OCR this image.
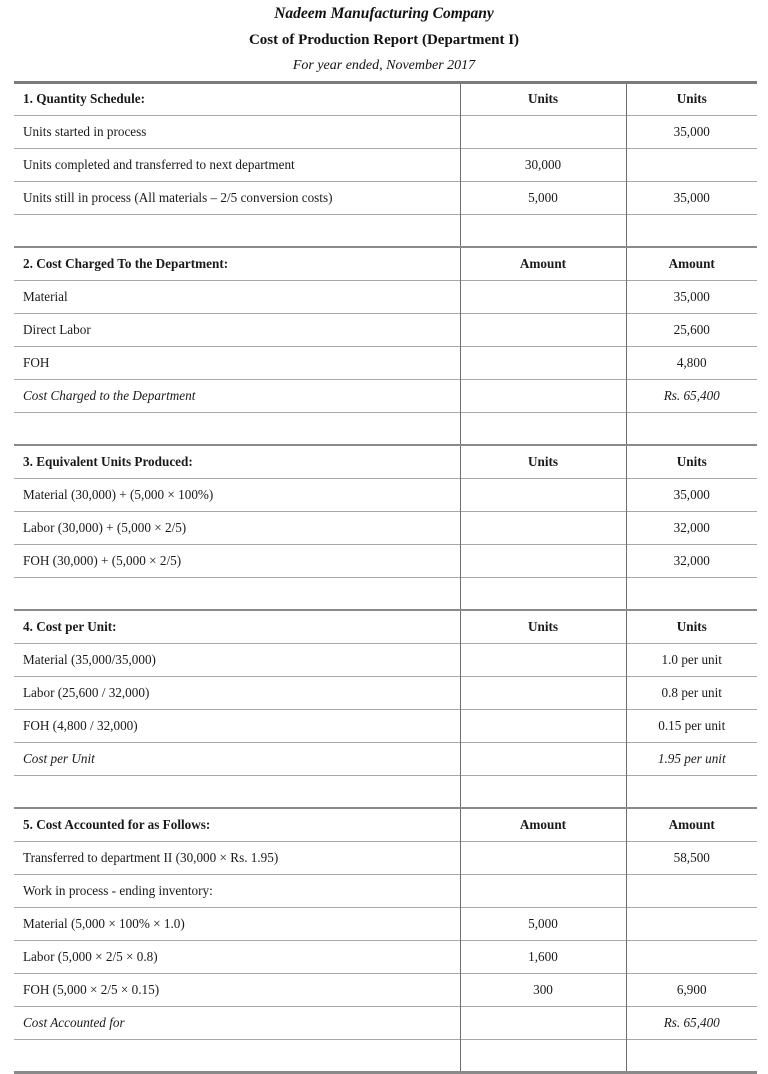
Nadeem Manufacturing Company
Cost of Production Report (Department I)
For year ended, November 2017
1. Quantity Schedule:	Units	Units
Units started in process		35,000
Units completed and transferred to next department	30,000	
Units still in process (All materials – 2/5 conversion costs)	5,000	35,000

2. Cost Charged To the Department:	Amount	Amount
Material		35,000
Direct Labor		25,600
FOH		4,800
Cost Charged to the Department		Rs. 65,400

3. Equivalent Units Produced:	Units	Units
Material (30,000) + (5,000 × 100%)		35,000
Labor (30,000) + (5,000 × 2/5)		32,000
FOH (30,000) + (5,000 × 2/5)		32,000

4. Cost per Unit:	Units	Units
Material (35,000/35,000)		1.0 per unit
Labor (25,600 / 32,000)		0.8 per unit
FOH (4,800 / 32,000)		0.15 per unit
Cost per Unit		1.95 per unit

5. Cost Accounted for as Follows:	Amount	Amount
Transferred to department II (30,000 × Rs. 1.95)		58,500
Work in process - ending inventory:		
Material (5,000 × 100% × 1.0)	5,000	
Labor (5,000 × 2/5 × 0.8)	1,600	
FOH (5,000 × 2/5 × 0.15)	300	6,900
Cost Accounted for		Rs. 65,400
